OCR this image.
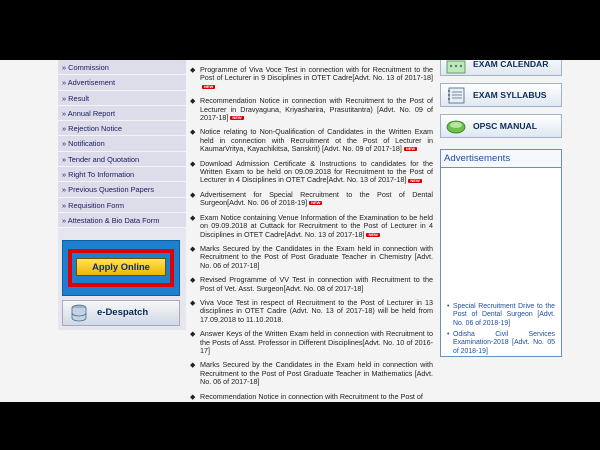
» Commission
» Advertisement
» Result
» Annual Report
» Rejection Notice
» Notification
» Tender and Quotation
» Right To Information
» Previous Question Papers
» Requisition Form
» Attestation & Bio Data Form
Apply Online
e-Despatch
◆ Programme of Viva Voce Test in connection with for Recruitment to the Post of Lecturer in 9 Disciplines in OTET Cadre[Advt. No. 13 of 2017-18]NEW
◆ Recommendation Notice in connection with Recruitment to the Post of Lecturer in Dravyaguna, Kriyasharira, Prasutitantra) [Advt. No. 09 of 2017-18] NEW
◆ Notice relating to Non-Qualification of Candidates in the Written Exam held in connection with Recruitment ot the Post of Lecturer in KaumarVritya, Kayachikitsa, Sanskrit) [Advt. No. 09 of 2017-18] NEW
◆ Download Admission Certificate & Instructions to candidates for the Written Exam to be held on 09.09.2018 for Recruitment to the Post of Lecturer in 4 Disciplines in OTET Cadre[Advt. No. 13 of 2017-18] NEW
◆ Advertisement for Special Recruitment to the Post of Dental Surgeon[Advt. No. 06 of 2018-19] NEW
◆ Exam Notice containing Venue Information of the Examination to be held on 09.09.2018 at Cuttack for Recruitment to the Post of Lecturer in 4 Disciplines in OTET Cadre[Advt. No. 13 of 2017-18] NEW
◆ Marks Secured by the Candidates in the Exam held in connection with Recruitment to the Post of Post Graduate Teacher in Chemistry [Advt. No. 06 of 2017-18]
◆ Revised Programme of VV Test in connection with Recruitment to the Post of Vet. Asst. Surgeon[Advt. No. 08 of 2017-18]
◆ Viva Voce Test in respect of Recruitment to the Post of Lecturer in 13 disciplines in OTET Cadre (Advt. No. 13 of 2017-18) will be held from 17.09.2018 to 11.10.2018.
◆ Answer Keys of the Written Exam held in connection with Recruitment to the Posts of Asst. Professor in Different Disciplines[Advt. No. 10 of 2016-17]
◆ Marks Secured by the Candidates in the Exam held in connection with Recruitment to the Post of Post Graduate Teacher in Mathematics [Advt. No. 06 of 2017-18]
◆ Recommendation Notice in connection with Recruitment to the Post of
EXAM CALENDAR
EXAM SYLLABUS
OPSC MANUAL
Advertisements
• Special Recruitment Drive to the Post of Dental Surgeon [Advt. No. 06 of 2018-19]
• Odisha Civil Services Examination-2018 [Advt. No. 05 of 2018-19]
